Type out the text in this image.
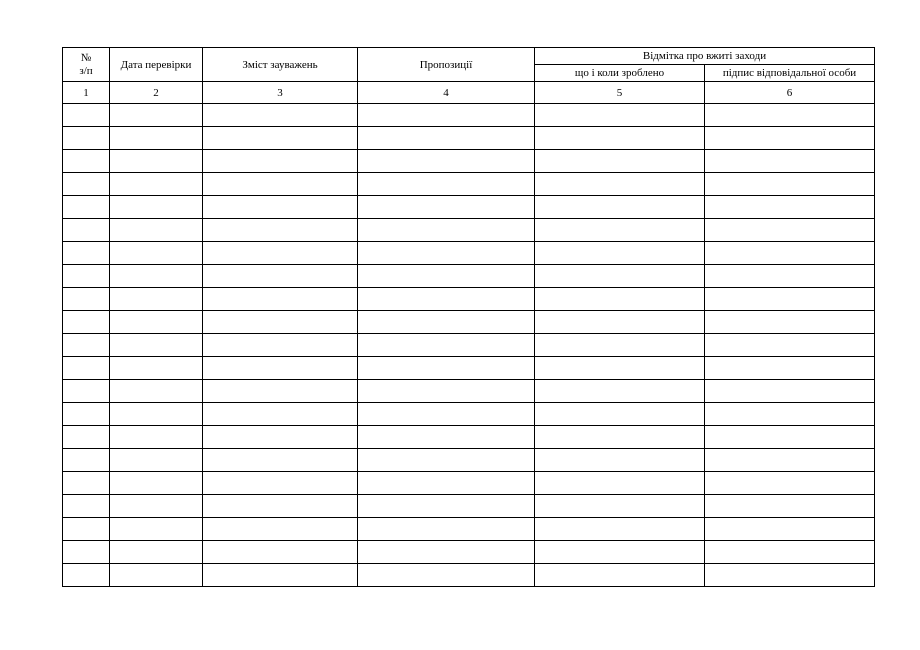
№
з/п	Дата перевірки	Зміст зауважень	Пропозиції	Відмітка про вжиті заходи	
				що і коли зроблено	підпис відповідальної особи
1	2	3	4	5	6
